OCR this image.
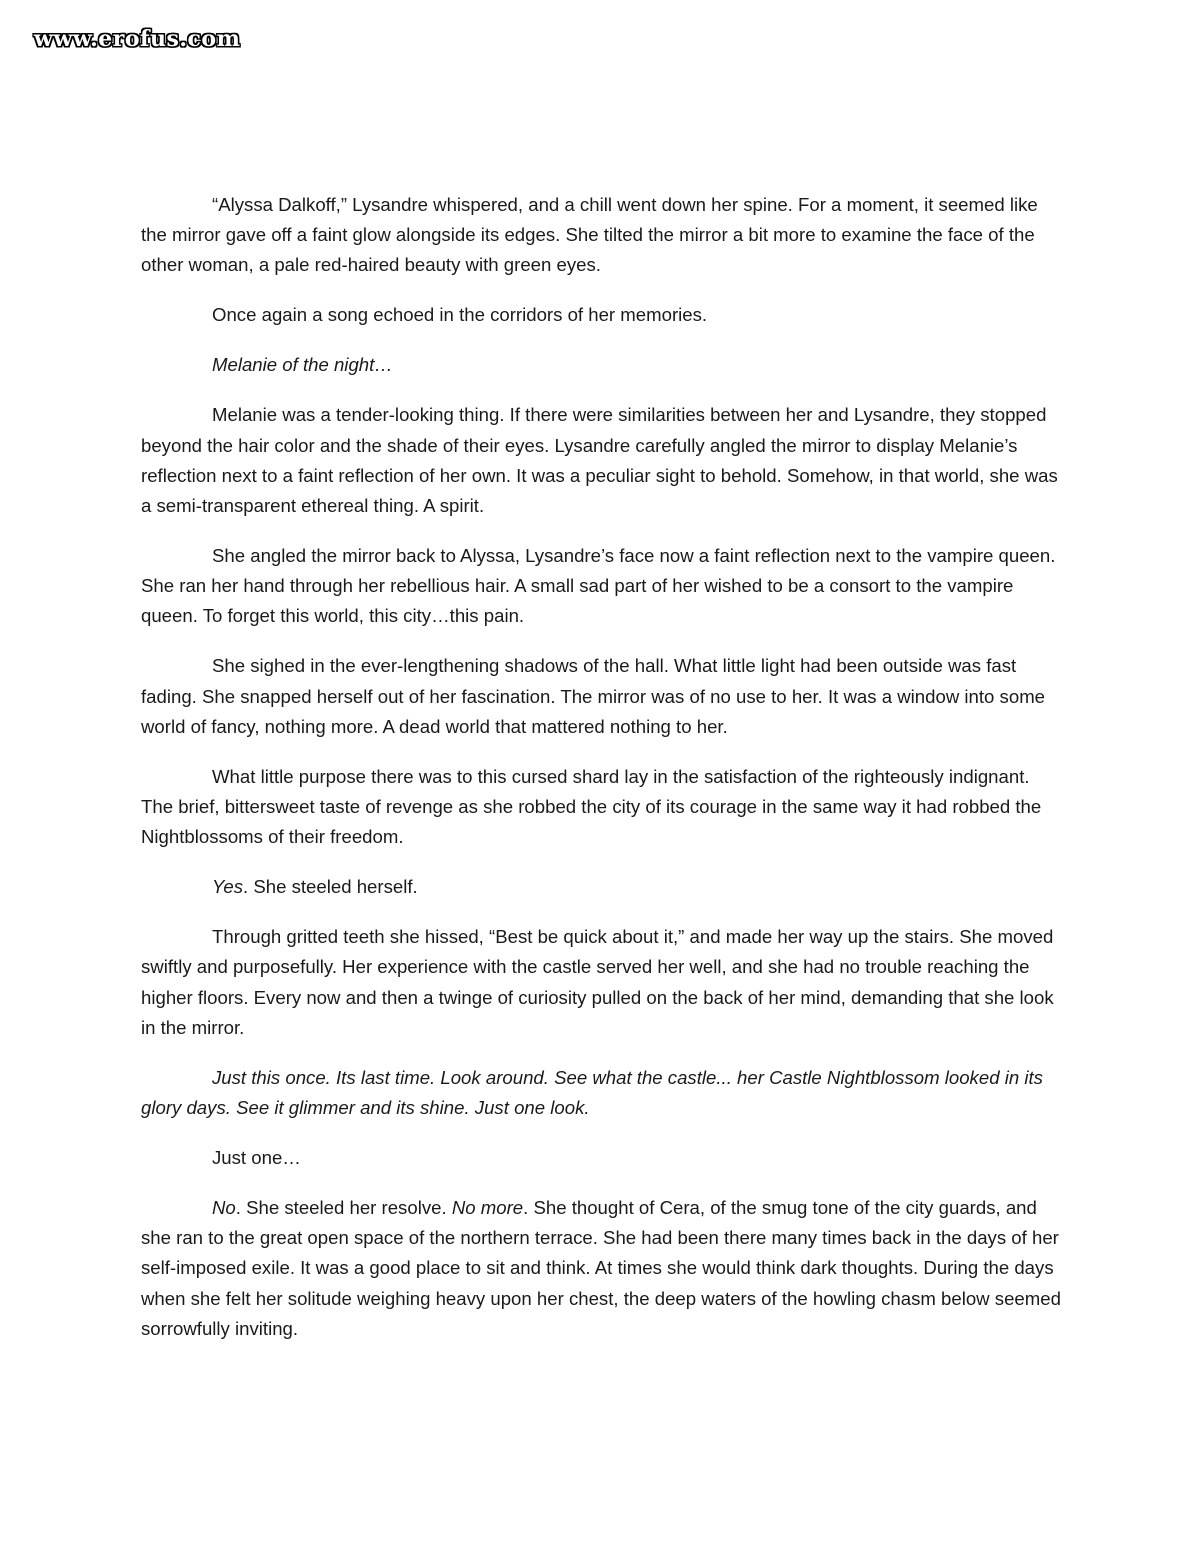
www.erofus.com

“Alyssa Dalkoff,” Lysandre whispered, and a chill went down her spine. For a moment, it seemed like the mirror gave off a faint glow alongside its edges. She tilted the mirror a bit more to examine the face of the other woman, a pale red-haired beauty with green eyes.

Once again a song echoed in the corridors of her memories.

Melanie of the night…

Melanie was a tender-looking thing. If there were similarities between her and Lysandre, they stopped beyond the hair color and the shade of their eyes. Lysandre carefully angled the mirror to display Melanie’s reflection next to a faint reflection of her own. It was a peculiar sight to behold. Somehow, in that world, she was a semi-transparent ethereal thing. A spirit.

She angled the mirror back to Alyssa, Lysandre’s face now a faint reflection next to the vampire queen. She ran her hand through her rebellious hair. A small sad part of her wished to be a consort to the vampire queen. To forget this world, this city…this pain.

She sighed in the ever-lengthening shadows of the hall. What little light had been outside was fast fading. She snapped herself out of her fascination. The mirror was of no use to her. It was a window into some world of fancy, nothing more. A dead world that mattered nothing to her.

What little purpose there was to this cursed shard lay in the satisfaction of the righteously indignant. The brief, bittersweet taste of revenge as she robbed the city of its courage in the same way it had robbed the Nightblossoms of their freedom.

Yes. She steeled herself.

Through gritted teeth she hissed, “Best be quick about it,” and made her way up the stairs. She moved swiftly and purposefully. Her experience with the castle served her well, and she had no trouble reaching the higher floors. Every now and then a twinge of curiosity pulled on the back of her mind, demanding that she look in the mirror.

Just this once. Its last time. Look around. See what the castle... her Castle Nightblossom looked in its glory days. See it glimmer and its shine. Just one look.

Just one…

No. She steeled her resolve. No more. She thought of Cera, of the smug tone of the city guards, and she ran to the great open space of the northern terrace. She had been there many times back in the days of her self-imposed exile. It was a good place to sit and think. At times she would think dark thoughts. During the days when she felt her solitude weighing heavy upon her chest, the deep waters of the howling chasm below seemed sorrowfully inviting.
